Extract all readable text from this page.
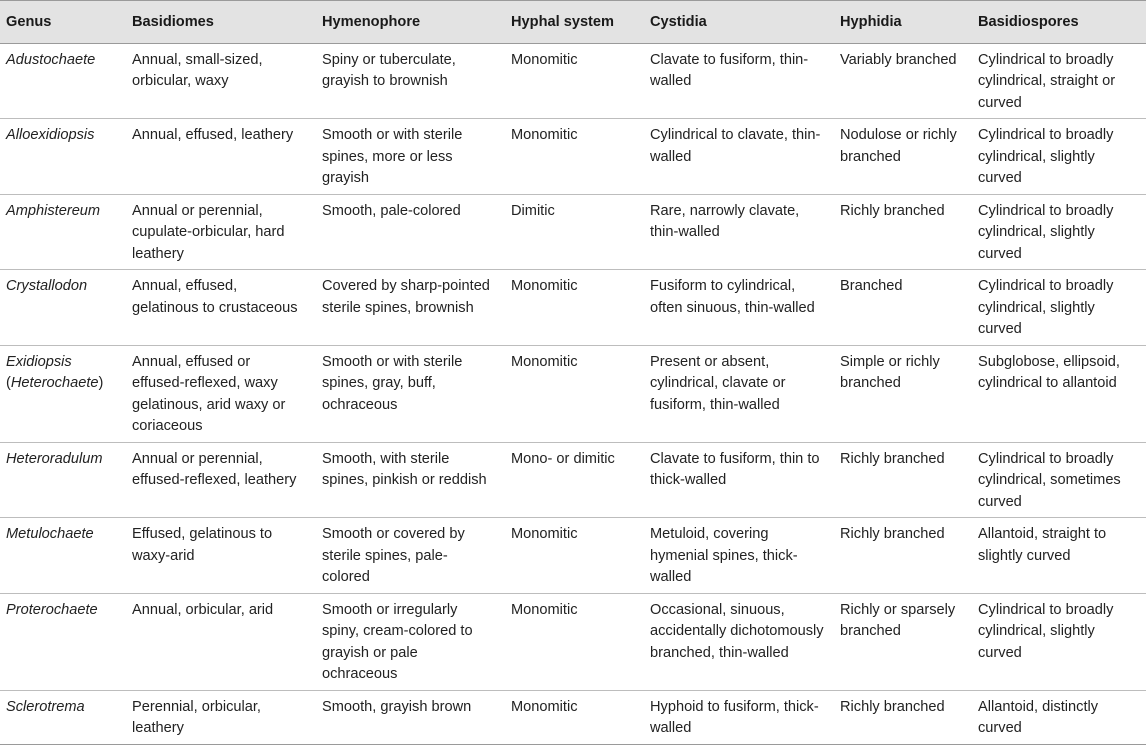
Genus	Basidiomes	Hymenophore	Hyphal system	Cystidia	Hyphidia	Basidiospores
Adustochaete	Annual, small-sized, orbicular, waxy	Spiny or tuberculate, grayish to brownish	Monomitic	Clavate to fusiform, thin-walled	Variably branched	Cylindrical to broadly cylindrical, straight or curved
Alloexidiopsis	Annual, effused, leathery	Smooth or with sterile spines, more or less grayish	Monomitic	Cylindrical to clavate, thin-walled	Nodulose or richly branched	Cylindrical to broadly cylindrical, slightly curved
Amphistereum	Annual or perennial, cupulate-orbicular, hard leathery	Smooth, pale-colored	Dimitic	Rare, narrowly clavate, thin-walled	Richly branched	Cylindrical to broadly cylindrical, slightly curved
Crystallodon	Annual, effused, gelatinous to crustaceous	Covered by sharp-pointed sterile spines, brownish	Monomitic	Fusiform to cylindrical, often sinuous, thin-walled	Branched	Cylindrical to broadly cylindrical, slightly curved
Exidiopsis
(Heterochaete)	Annual, effused or effused-reflexed, waxy gelatinous, arid waxy or coriaceous	Smooth or with sterile spines, gray, buff, ochraceous	Monomitic	Present or absent, cylindrical, clavate or fusiform, thin-walled	Simple or richly branched	Subglobose, ellipsoid, cylindrical to allantoid
Heteroradulum	Annual or perennial, effused-reflexed, leathery	Smooth, with sterile spines, pinkish or reddish	Mono- or dimitic	Clavate to fusiform, thin to thick-walled	Richly branched	Cylindrical to broadly cylindrical, sometimes curved
Metulochaete	Effused, gelatinous to waxy-arid	Smooth or covered by sterile spines, pale-colored	Monomitic	Metuloid, covering hymenial spines, thick-walled	Richly branched	Allantoid, straight to slightly curved
Proterochaete	Annual, orbicular, arid	Smooth or irregularly spiny, cream-colored to grayish or pale ochraceous	Monomitic	Occasional, sinuous, accidentally dichotomously branched, thin-walled	Richly or sparsely branched	Cylindrical to broadly cylindrical, slightly curved
Sclerotrema	Perennial, orbicular, leathery	Smooth, grayish brown	Monomitic	Hyphoid to fusiform, thick-walled	Richly branched	Allantoid, distinctly curved
